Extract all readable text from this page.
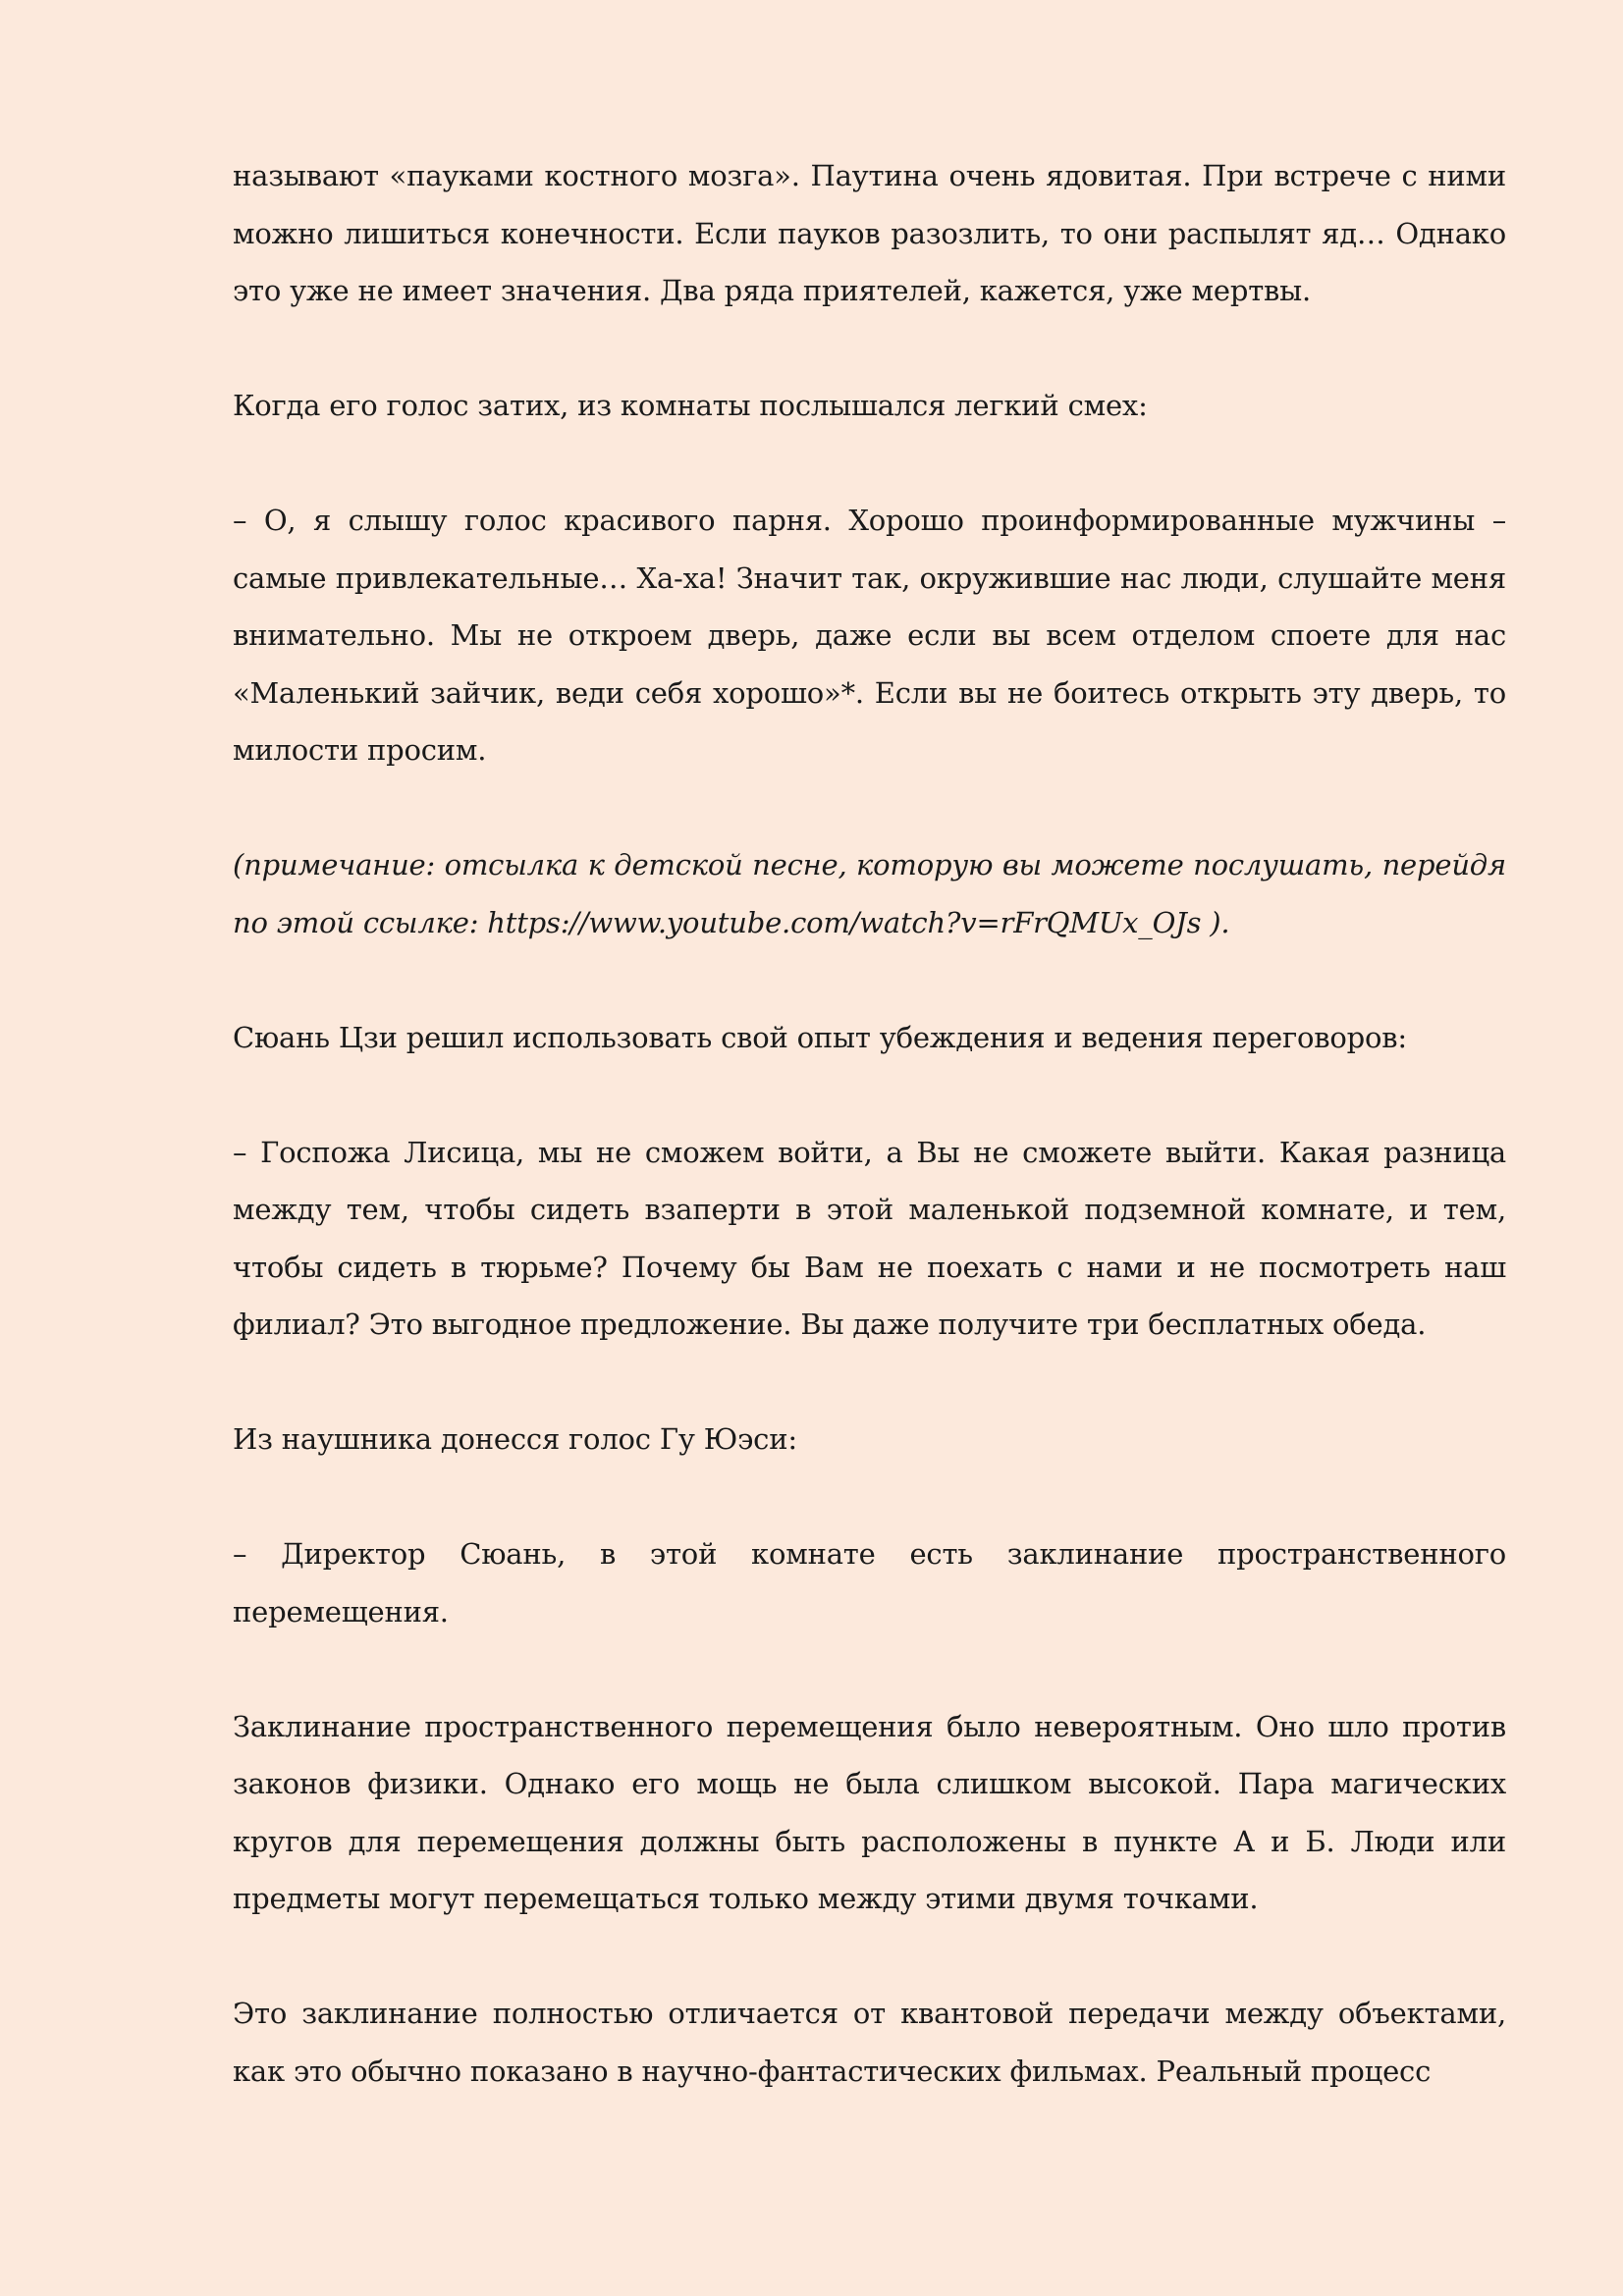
называют «пауками костного мозга». Паутина очень ядовитая. При встрече с ними можно лишиться конечности. Если пауков разозлить, то они распылят яд… Однако это уже не имеет значения. Два ряда приятелей, кажется, уже мертвы.

Когда его голос затих, из комнаты послышался легкий смех:

– О, я слышу голос красивого парня. Хорошо проинформированные мужчины – самые привлекательные… Ха-ха! Значит так, окружившие нас люди, слушайте меня внимательно. Мы не откроем дверь, даже если вы всем отделом споете для нас «Маленький зайчик, веди себя хорошо»*. Если вы не боитесь открыть эту дверь, то милости просим.

(примечание: отсылка к детской песне, которую вы можете послушать, перейдя по этой ссылке: https://www.youtube.com/watch?v=rFrQMUx_OJs ).

Сюань Цзи решил использовать свой опыт убеждения и ведения переговоров:

– Госпожа Лисица, мы не сможем войти, а Вы не сможете выйти. Какая разница между тем, чтобы сидеть взаперти в этой маленькой подземной комнате, и тем, чтобы сидеть в тюрьме? Почему бы Вам не поехать с нами и не посмотреть наш филиал? Это выгодное предложение. Вы даже получите три бесплатных обеда.

Из наушника донесся голос Гу Юэси:

– Директор Сюань, в этой комнате есть заклинание пространственного перемещения.

Заклинание пространственного перемещения было невероятным. Оно шло против законов физики. Однако его мощь не была слишком высокой. Пара магических кругов для перемещения должны быть расположены в пункте А и Б. Люди или предметы могут перемещаться только между этими двумя точками.

Это заклинание полностью отличается от квантовой передачи между объектами, как это обычно показано в научно-фантастических фильмах. Реальный процесс
